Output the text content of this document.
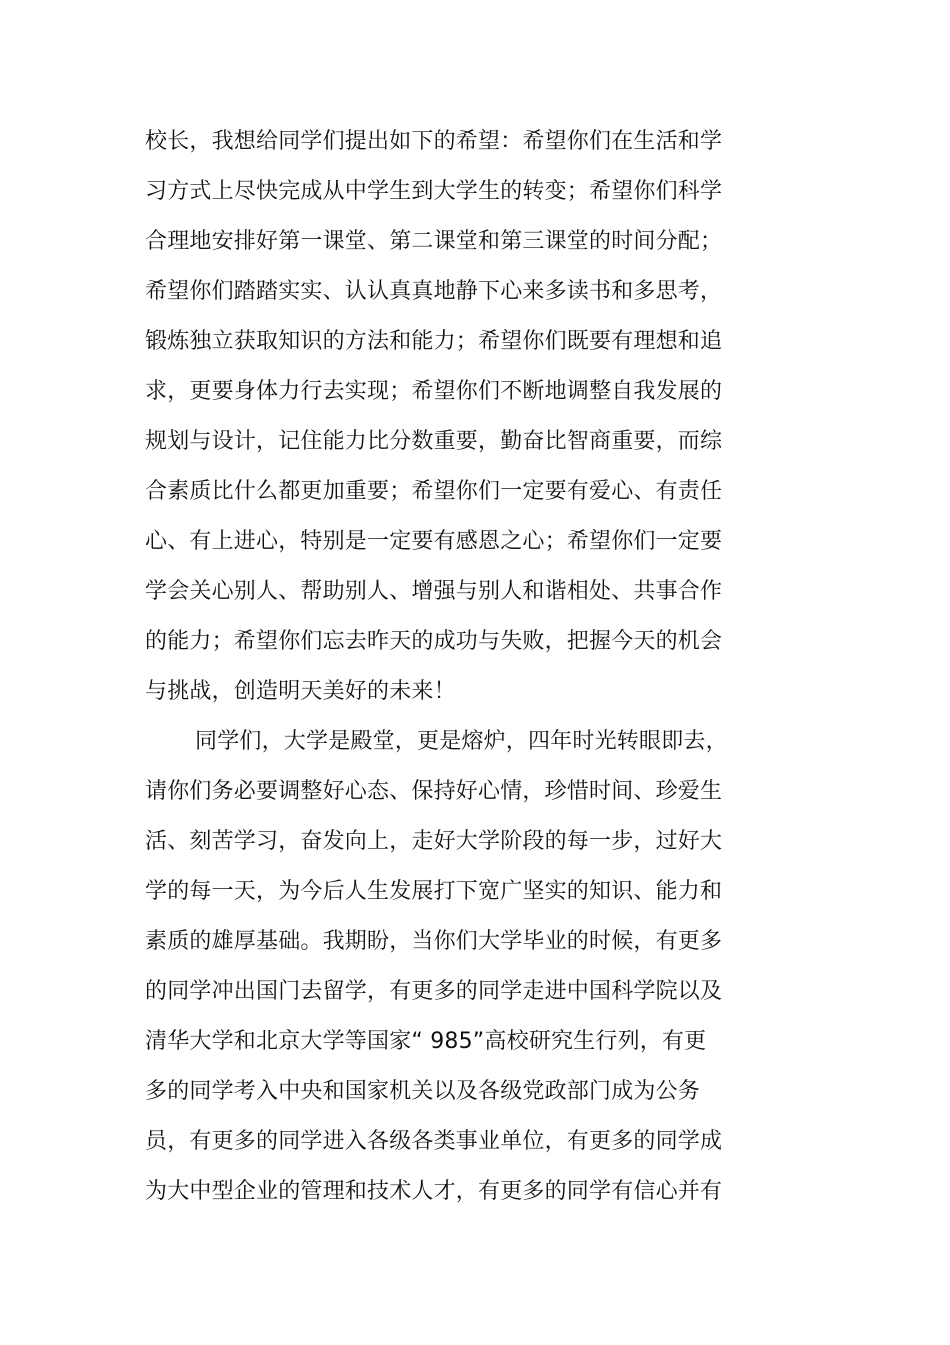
校长，我想给同学们提出如下的希望：希望你们在生活和学
习方式上尽快完成从中学生到大学生的转变；希望你们科学
合理地安排好第一课堂、第二课堂和第三课堂的时间分配；
希望你们踏踏实实、认认真真地静下心来多读书和多思考，
锻炼独立获取知识的方法和能力；希望你们既要有理想和追
求，更要身体力行去实现；希望你们不断地调整自我发展的
规划与设计，记住能力比分数重要，勤奋比智商重要，而综
合素质比什么都更加重要；希望你们一定要有爱心、有责任
心、有上进心，特别是一定要有感恩之心；希望你们一定要
学会关心别人、帮助别人、增强与别人和谐相处、共事合作
的能力；希望你们忘去昨天的成功与失败，把握今天的机会
与挑战，创造明天美好的未来！
同学们，大学是殿堂，更是熔炉，四年时光转眼即去，
请你们务必要调整好心态、保持好心情，珍惜时间、珍爱生
活、刻苦学习，奋发向上，走好大学阶段的每一步，过好大
学的每一天，为今后人生发展打下宽广坚实的知识、能力和
素质的雄厚基础。我期盼，当你们大学毕业的时候，有更多
的同学冲出国门去留学，有更多的同学走进中国科学院以及
清华大学和北京大学等国家“ 985”高校研究生行列，有更
多的同学考入中央和国家机关以及各级党政部门成为公务
员，有更多的同学进入各级各类事业单位，有更多的同学成
为大中型企业的管理和技术人才，有更多的同学有信心并有
